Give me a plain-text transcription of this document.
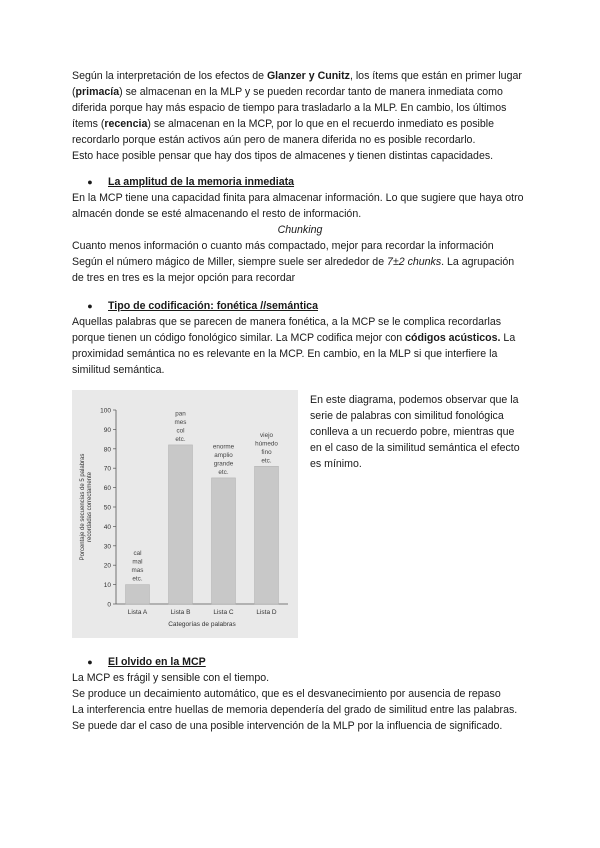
Según la interpretación de los efectos de Glanzer y Cunitz, los ítems que están en primer lugar (primacía) se almacenan en la MLP y se pueden recordar tanto de manera inmediata como diferida porque hay más espacio de tiempo para trasladarlo a la MLP. En cambio, los últimos ítems (recencia) se almacenan en la MCP, por lo que en el recuerdo inmediato es posible recordarlo porque están activos aún pero de manera diferida no es posible recordarlo.

Esto hace posible pensar que hay dos tipos de almacenes y tienen distintas capacidades.

●	La amplitud de la memoria inmediata

En la MCP tiene una capacidad finita para almacenar información. Lo que sugiere que haya otro almacén donde se esté almacenando el resto de información.

Chunking

Cuanto menos información o cuanto más compactado, mejor para recordar la información

Según el número mágico de Miller, siempre suele ser alrededor de 7±2 chunks. La agrupación de tres en tres es la mejor opción para recordar

●	Tipo de codificación: fonética //semántica

Aquellas palabras que se parecen de manera fonética, a la MCP se le complica recordarlas porque tienen un código fonológico similar. La MCP codifica mejor con códigos acústicos. La proximidad semántica no es relevante en la MCP. En cambio, en la MLP si que interfiere la similitud semántica.

0
10
20
30
40
50
60
70
80
90
100
cal
mal
mas
etc.
Lista A
pan
mes
col
etc.
Lista B
enorme
amplio
grande
etc.
Lista C
viejo
húmedo
fino
etc.
Lista D
Categorías de palabras
Porcentaje de secuencias de 5 palabras recordadas correctamente
En este diagrama, podemos observar que la serie de palabras con similitud fonológica conlleva a un recuerdo pobre, mientras que en el caso de la similitud semántica el efecto es mínimo.
●	El olvido en la MCP

La MCP es frágil y sensible con el tiempo.

Se produce un decaimiento automático, que es el desvanecimiento por ausencia de repaso

La interferencia entre huellas de memoria dependería del grado de similitud entre las palabras.

Se puede dar el caso de una posible intervención de la MLP por la influencia de significado.
